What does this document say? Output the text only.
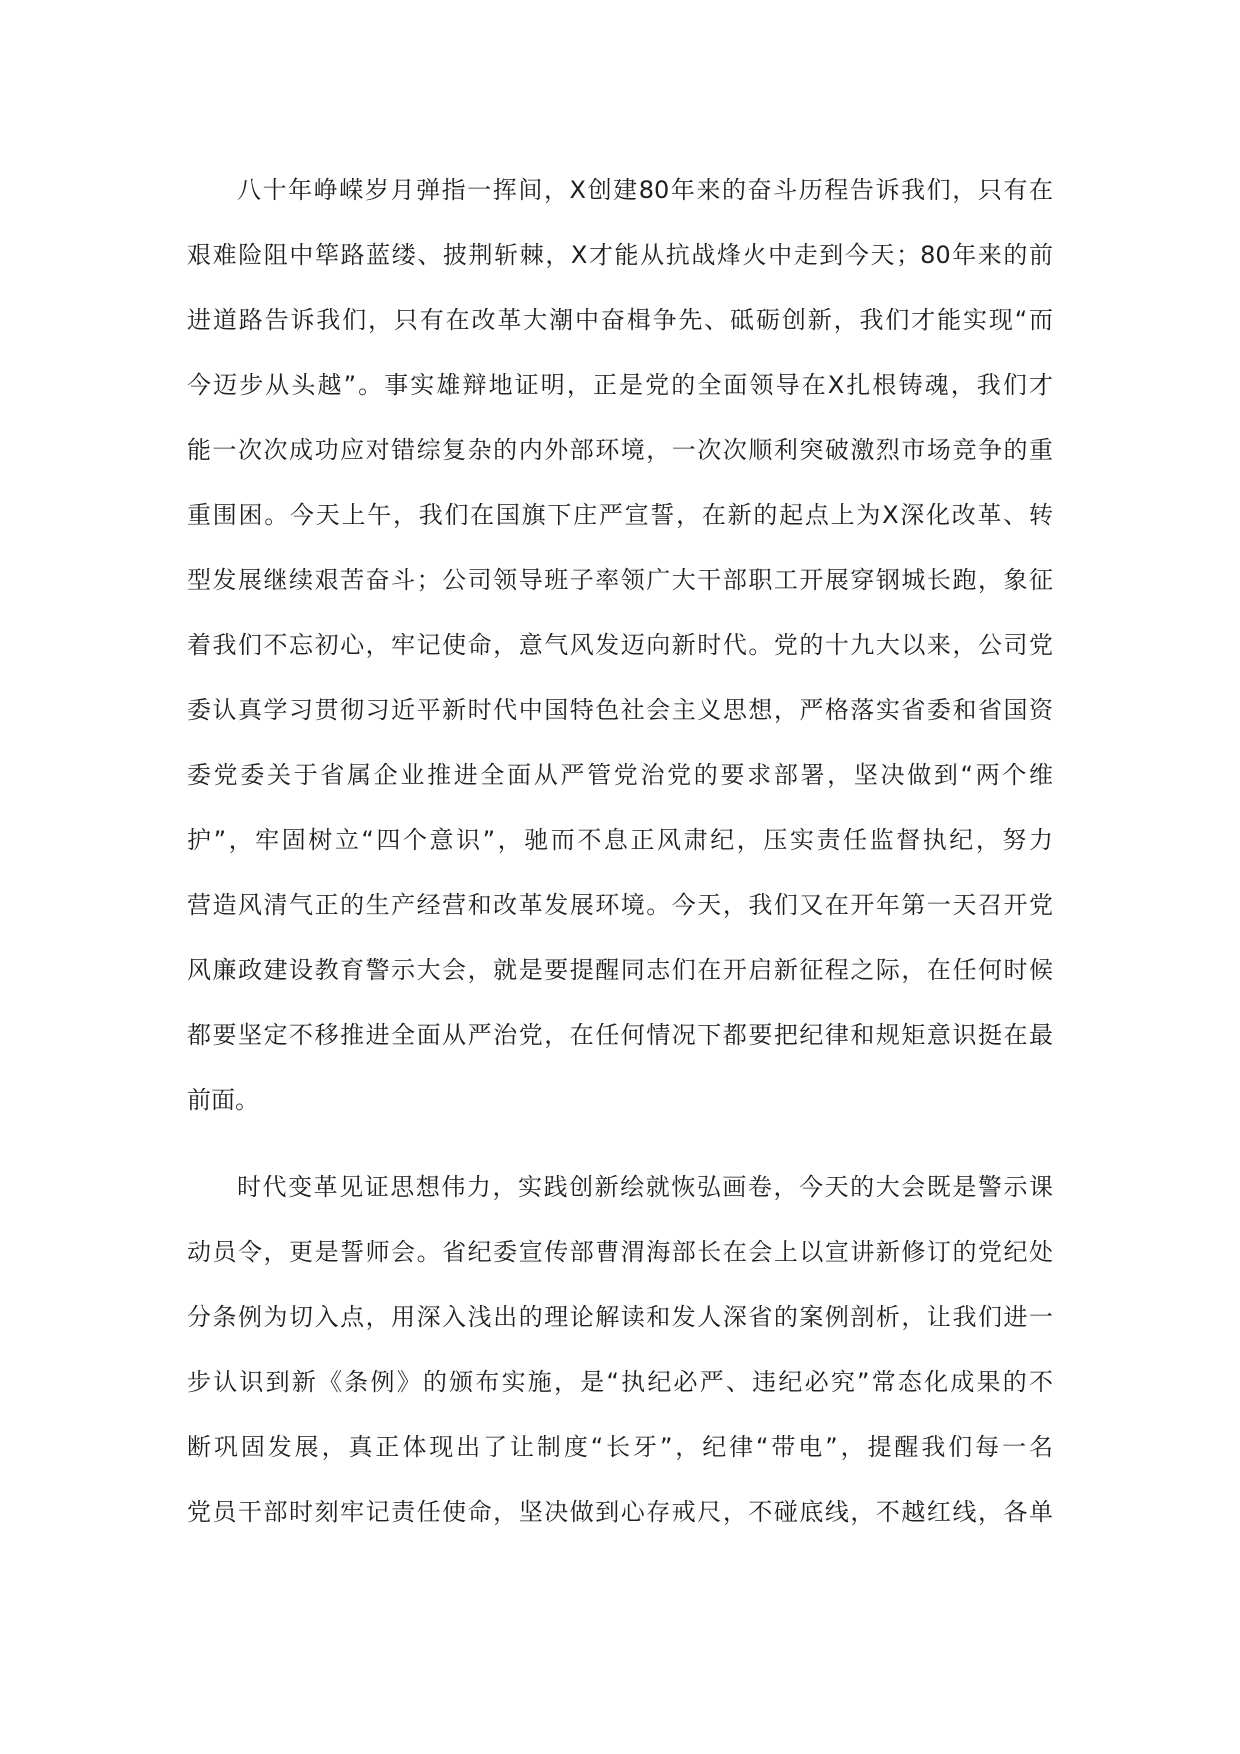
八十年峥嵘岁月弹指一挥间，X创建80年来的奋斗历程告诉我们，只有在
艰难险阻中筚路蓝缕、披荆斩棘，X才能从抗战烽火中走到今天；80年来的前
进道路告诉我们，只有在改革大潮中奋楫争先、砥砺创新，我们才能实现“而
今迈步从头越”。事实雄辩地证明，正是党的全面领导在X扎根铸魂，我们才
能一次次成功应对错综复杂的内外部环境，一次次顺利突破激烈市场竞争的重
重围困。今天上午，我们在国旗下庄严宣誓，在新的起点上为X深化改革、转
型发展继续艰苦奋斗；公司领导班子率领广大干部职工开展穿钢城长跑，象征
着我们不忘初心，牢记使命，意气风发迈向新时代。党的十九大以来，公司党
委认真学习贯彻习近平新时代中国特色社会主义思想，严格落实省委和省国资
委党委关于省属企业推进全面从严管党治党的要求部署，坚决做到“两个维
护”，牢固树立“四个意识”，驰而不息正风肃纪，压实责任监督执纪，努力
营造风清气正的生产经营和改革发展环境。今天，我们又在开年第一天召开党
风廉政建设教育警示大会，就是要提醒同志们在开启新征程之际，在任何时候
都要坚定不移推进全面从严治党，在任何情况下都要把纪律和规矩意识挺在最
前面。
时代变革见证思想伟力，实践创新绘就恢弘画卷，今天的大会既是警示课
动员令，更是誓师会。省纪委宣传部曹渭海部长在会上以宣讲新修订的党纪处
分条例为切入点，用深入浅出的理论解读和发人深省的案例剖析，让我们进一
步认识到新《条例》的颁布实施，是“执纪必严、违纪必究”常态化成果的不
断巩固发展，真正体现出了让制度“长牙”，纪律“带电”，提醒我们每一名
党员干部时刻牢记责任使命，坚决做到心存戒尺，不碰底线，不越红线，各单
